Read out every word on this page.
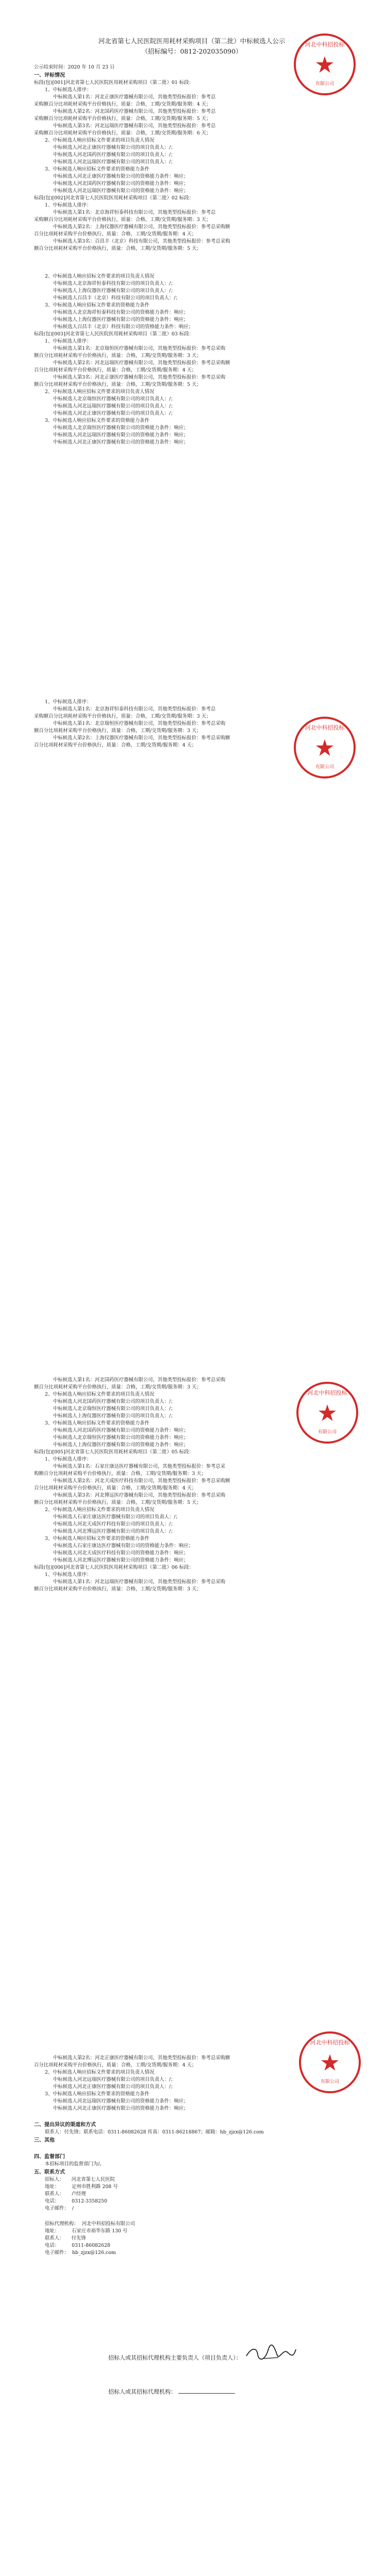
河北省第七人民医院医用耗材采购项目（第二批）中标候选人公示

（招标编号：0812-202035090）

公示结束时间：2020 年 10 月 23 日

一、评标情况

标段(包)[001]河北省第七人民医院医用耗材采购项目（第二批）01 标段：

1、中标候选人排序：

中标候选人第1名：河北正康医疗器械有限公司，其他类型投标报价：参考总

采购额百分比项耗材采购平台价格执行，质量：合格，工期/交货期/服务期：4 天；

中标候选人第2名：河北国药医疗器械有限公司，其他类型投标报价：参考总

采购额百分比项耗材采购平台价格执行，质量：合格，工期/交货期/服务期：5 天；

中标候选人第3名：河北远瑞医疗器械有限公司，其他类型投标报价：参考总

采购额百分比项耗材采购平台价格执行，质量：合格，工期/交货期/服务期：6 天；

2、中标候选人响应招标文件要求的项目负责人情况

中标候选人河北正康医疗器械有限公司的项目负责人：/；

中标候选人河北国药医疗器械有限公司的项目负责人：/；

中标候选人河北远瑞医疗器械有限公司的项目负责人：/；

3、中标候选人响应招标文件要求的资格能力条件

中标候选人河北正康医疗器械有限公司的资格能力条件：响应；

中标候选人河北国药医疗器械有限公司的资格能力条件：响应；

中标候选人河北远瑞医疗器械有限公司的资格能力条件：响应；

标段(包)[002]河北省第七人民医院医用耗材采购项目（第二批）02 标段：

1、中标候选人排序：

中标候选人第1名：北京海祥恒泰科技有限公司，其他类型投标报价：参考总

采购额百分比项耗材采购平台价格执行，质量：合格，工期/交货期/服务期：3 天；

中标候选人第2名：上海仪器医疗器械有限公司，其他类型投标报价：参考总采购额

百分比项耗材采购平台价格执行，质量：合格，工期/交货期/服务期：4 天；

中标候选人第3名：百昌丰（北京）科技有限公司，其他类型投标报价：参考总采购

额百分比项耗材采购平台价格执行，质量：合格，工期/交货期/服务期：5 天；

2、中标候选人响应招标文件要求的项目负责人情况

中标候选人北京海祥恒泰科技有限公司的项目负责人：/；

中标候选人上海仪器医疗器械有限公司的项目负责人：/；

中标候选人百昌丰（北京）科技有限公司的项目负责人：/；

3、中标候选人响应招标文件要求的资格能力条件

中标候选人北京海祥恒泰科技有限公司的资格能力条件：响应；

中标候选人上海仪器医疗器械有限公司的资格能力条件：响应；

中标候选人百昌丰（北京）科技有限公司的资格能力条件：响应；

标段(包)[003]河北省第七人民医院医用耗材采购项目（第二批）03 标段：

1、中标候选人排序：

中标候选人第1名：北京瑞恒医疗器械有限公司，其他类型投标报价：参考总采购

额百分比项耗材采购平台价格执行，质量：合格，工期/交货期/服务期：3 天；

中标候选人第2名：河北远瑞医疗器械有限公司，其他类型投标报价：参考总采购额

百分比项耗材采购平台价格执行，质量：合格，工期/交货期/服务期：4 天；

中标候选人第3名：河北正康医疗器械有限公司，其他类型投标报价：参考总采购

额百分比项耗材采购平台价格执行，质量：合格，工期/交货期/服务期：5 天；

2、中标候选人响应招标文件要求的项目负责人情况

中标候选人北京瑞恒医疗器械有限公司的项目负责人：/；

中标候选人河北远瑞医疗器械有限公司的项目负责人：/；

中标候选人河北正康医疗器械有限公司的项目负责人：/；

3、中标候选人响应招标文件要求的资格能力条件

中标候选人北京瑞恒医疗器械有限公司的资格能力条件：响应；

中标候选人河北远瑞医疗器械有限公司的资格能力条件：响应；

中标候选人河北正康医疗器械有限公司的资格能力条件：响应；

河北中科招投标
有限公司

1、中标候选人排序：

中标候选人第1名：北京海祥恒泰科技有限公司，其他类型投标报价：参考总

采购额百分比项耗材采购平台价格执行，质量：合格，工期/交货期/服务期：3 天；

中标候选人第1名：北京瑞恒医疗器械有限公司，其他类型投标报价：参考总采购

额百分比项耗材采购平台价格执行，质量：合格，工期/交货期/服务期：3 天；

中标候选人第2名：上海仪器医疗器械有限公司，其他类型投标报价：参考总采购额

百分比项耗材采购平台价格执行，质量：合格，工期/交货期/服务期：4 天；

河北中科招投标
有限公司

中标候选人第1名：河北国药医疗器械有限公司，其他类型投标报价：参考总采购

额百分比项耗材采购平台价格执行，质量：合格，工期/交货期/服务期：3 天；

2、中标候选人响应招标文件要求的项目负责人情况

中标候选人河北国药医疗器械有限公司的项目负责人：/；

中标候选人北京瑞恒医疗器械有限公司的项目负责人：/；

中标候选人上海仪器医疗器械有限公司的项目负责人：/；

3、中标候选人响应招标文件要求的资格能力条件

中标候选人河北国药医疗器械有限公司的资格能力条件：响应；

中标候选人北京瑞恒医疗器械有限公司的资格能力条件：响应；

中标候选人上海仪器医疗器械有限公司的资格能力条件：响应；

标段(包)[005]河北省第七人民医院医用耗材采购项目（第二批）05 标段：

1、中标候选人排序：

中标候选人第1名：石家庄康达医疗器械有限公司，其他类型投标报价：参考总采

购额百分比项耗材采购平台价格执行，质量：合格，工期/交货期/服务期：3 天；

中标候选人第2名：河北天成医疗科技有限公司，其他类型投标报价：参考总采购额

百分比项耗材采购平台价格执行，质量：合格，工期/交货期/服务期：4 天；

中标候选人第3名：河北博远医疗器械有限公司，其他类型投标报价：参考总采购

额百分比项耗材采购平台价格执行，质量：合格，工期/交货期/服务期：5 天；

2、中标候选人响应招标文件要求的项目负责人情况

中标候选人石家庄康达医疗器械有限公司的项目负责人：/；

中标候选人河北天成医疗科技有限公司的项目负责人：/；

中标候选人河北博远医疗器械有限公司的项目负责人：/；

3、中标候选人响应招标文件要求的资格能力条件

中标候选人石家庄康达医疗器械有限公司的资格能力条件：响应；

中标候选人河北天成医疗科技有限公司的资格能力条件：响应；

中标候选人河北博远医疗器械有限公司的资格能力条件：响应；

标段(包)[006]河北省第七人民医院医用耗材采购项目（第二批）06 标段：

1、中标候选人排序：

中标候选人第1名：河北远瑞医疗器械有限公司，其他类型投标报价：参考总采购

额百分比项耗材采购平台价格执行，质量：合格，工期/交货期/服务期：3 天；

河北中科招投标
有限公司

中标候选人第2名：河北正康医疗器械有限公司，其他类型投标报价：参考总采购额

百分比项耗材采购平台价格执行，质量：合格，工期/交货期/服务期：4 天；

2、中标候选人响应招标文件要求的项目负责人情况

中标候选人河北远瑞医疗器械有限公司的项目负责人：/；

中标候选人河北正康医疗器械有限公司的项目负责人：/；

3、中标候选人响应招标文件要求的资格能力条件

中标候选人河北远瑞医疗器械有限公司的资格能力条件：响应；

中标候选人河北正康医疗器械有限公司的资格能力条件：响应；

二、提出异议的渠道和方式

联系人：付先锋；联系电话：0311-86082628 传真：0311-86218867；邮箱：hb_zjzx@126.com

三、其他

四、监督部门

本招标项目的监督部门为/。

五、联系方式

招标人： 河北省第七人民医院

地址：	定州市胜利路 208 号

联系人： 卢经理

电话：	0312-3358250

电子邮件： /

招标代理机构： 河北中科招投标有限公司

地址：	石家庄市裕华东路 130 号

联系人： 付先锋

电话：	0311-86082628

电子邮件： hb_zjzx@126.com

招标人或其招标代理机构主要负责人（项目负责人）：
招标人或其招标代理机构：
河北中科招投标
有限公司
